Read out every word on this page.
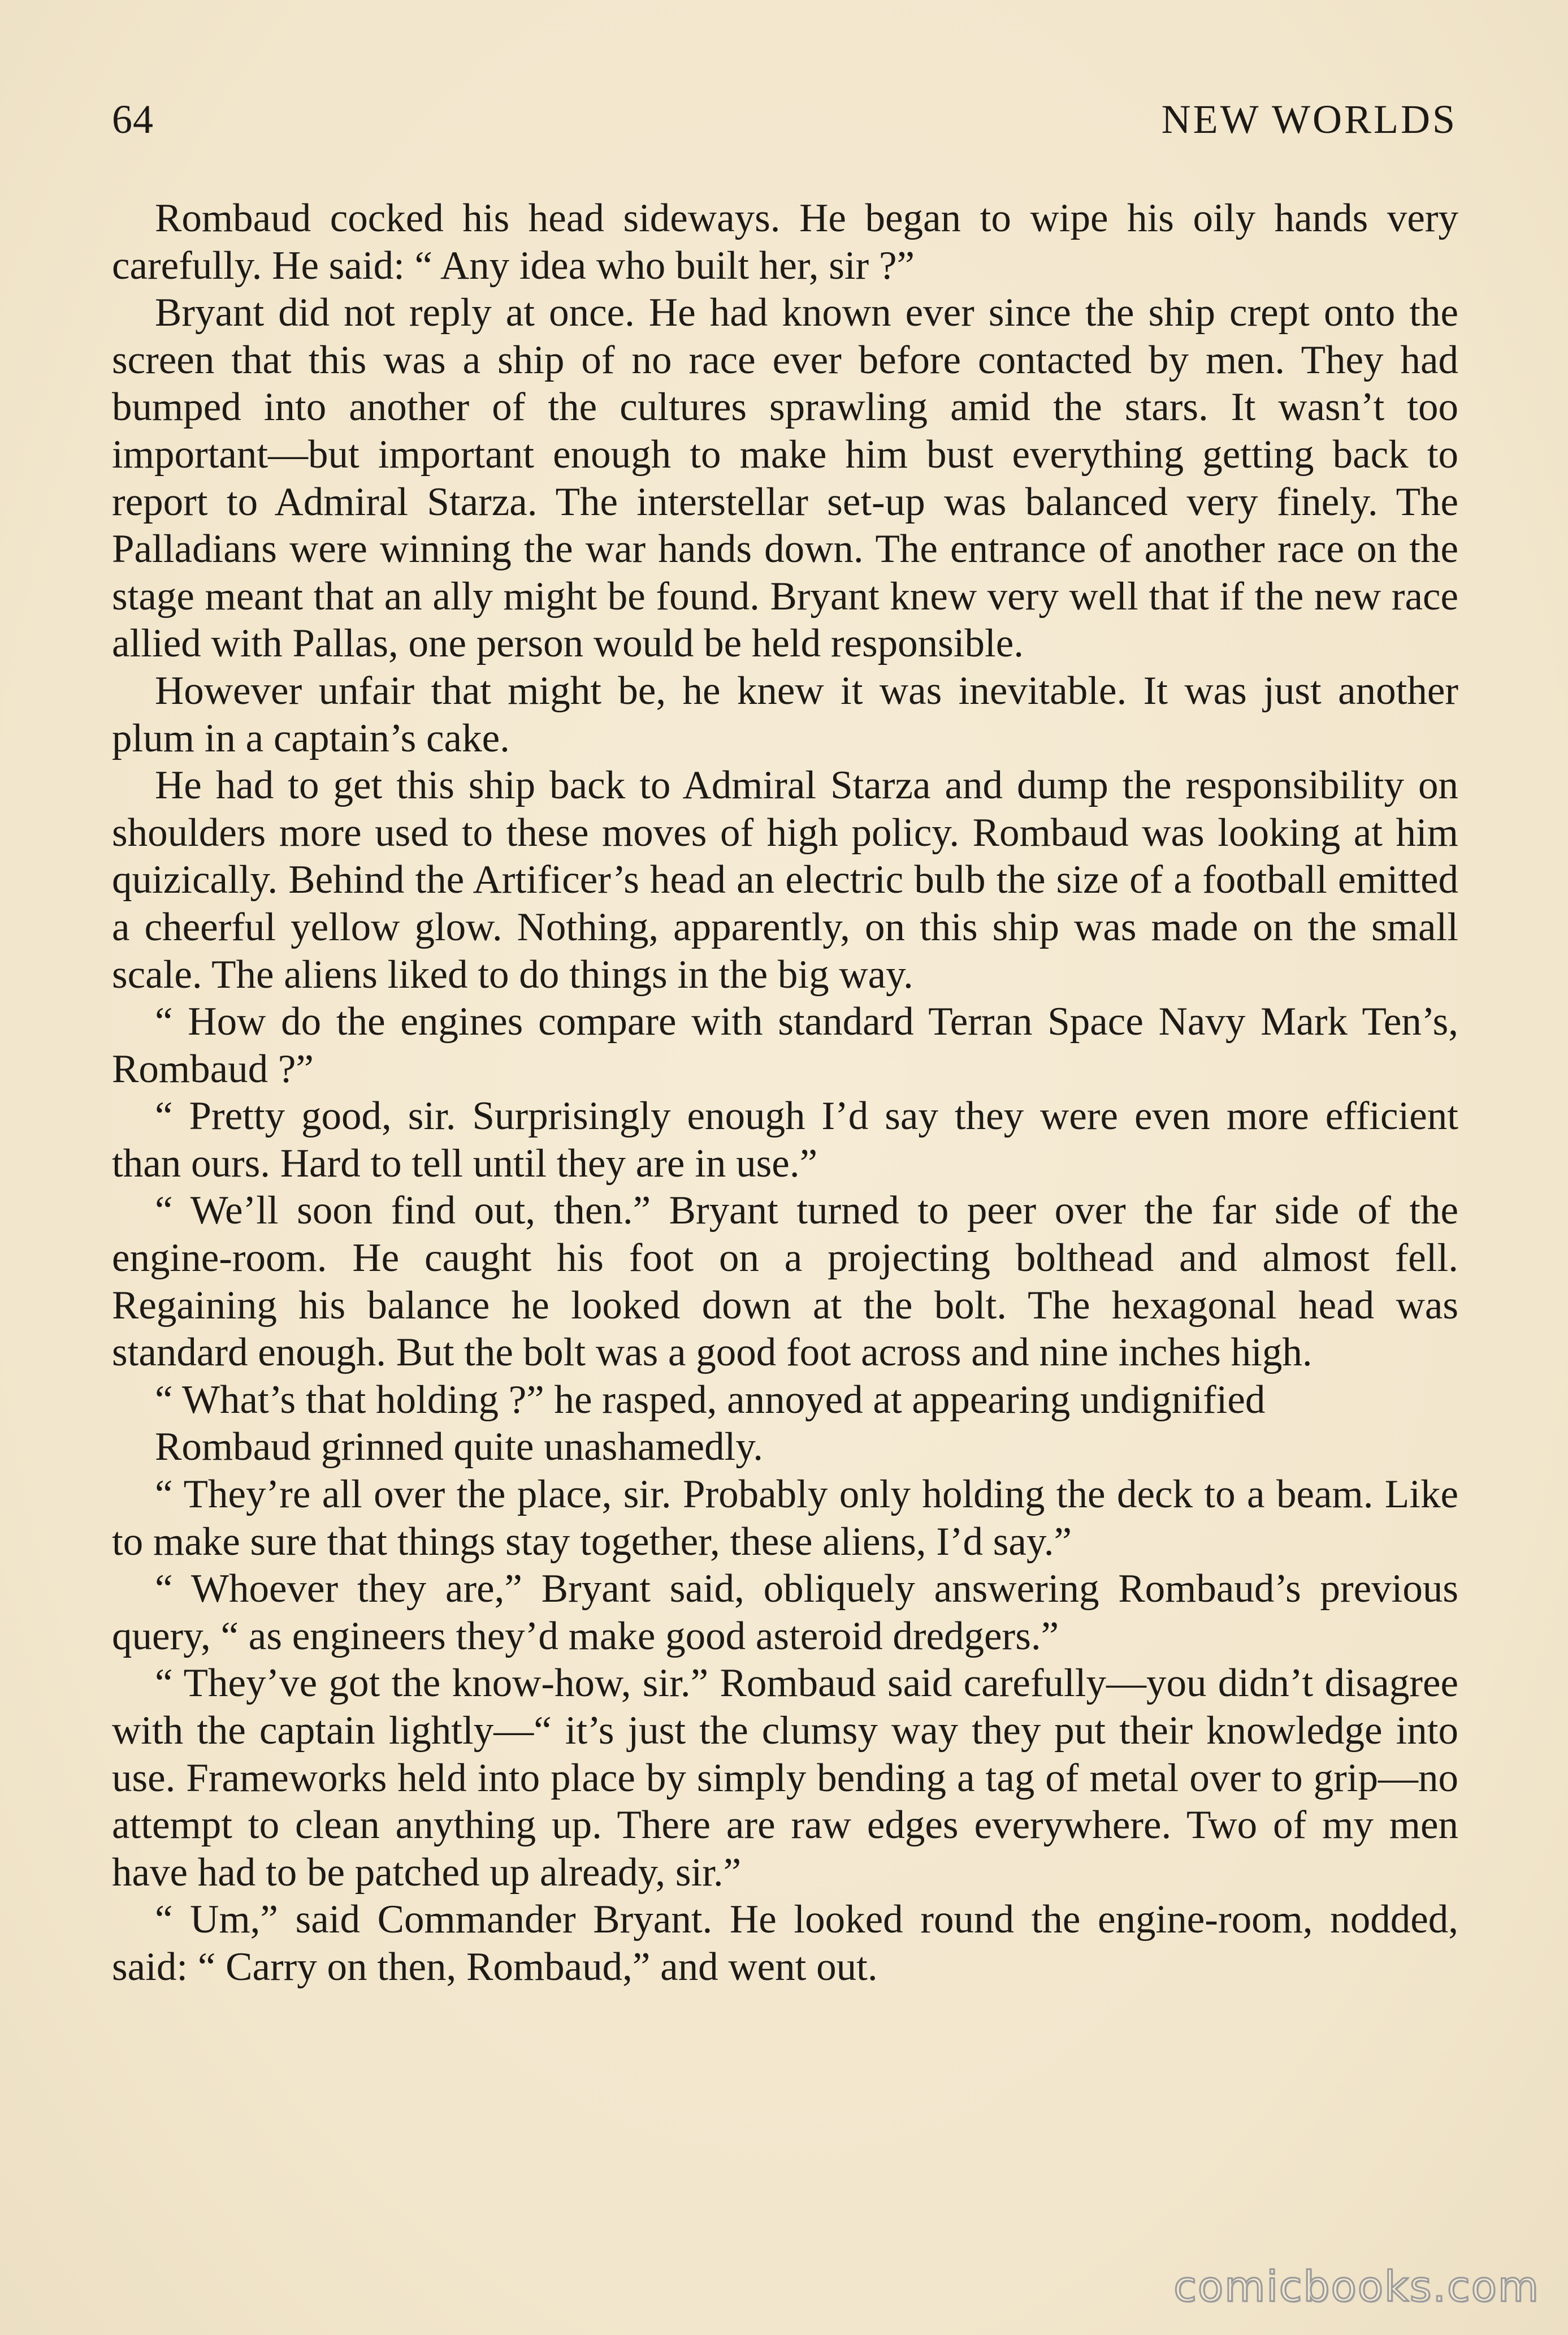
64	NEW WORLDS

Rombaud cocked his head sideways. He began to wipe his oily hands very carefully. He said: “ Any idea who built her, sir ?”

Bryant did not reply at once. He had known ever since the ship crept onto the screen that this was a ship of no race ever before contacted by men. They had bumped into another of the cultures sprawling amid the stars. It wasn’t too important—but important enough to make him bust everything getting back to report to Admiral Starza. The interstellar set-up was balanced very finely. The Palladians were winning the war hands down. The entrance of another race on the stage meant that an ally might be found. Bryant knew very well that if the new race allied with Pallas, one person would be held responsible.

However unfair that might be, he knew it was inevitable. It was just another plum in a captain’s cake.

He had to get this ship back to Admiral Starza and dump the responsibility on shoulders more used to these moves of high policy. Rombaud was looking at him quizically. Behind the Artificer’s head an electric bulb the size of a football emitted a cheerful yellow glow. Nothing, apparently, on this ship was made on the small scale. The aliens liked to do things in the big way.

“ How do the engines compare with standard Terran Space Navy Mark Ten’s, Rombaud ?”

“ Pretty good, sir. Surprisingly enough I’d say they were even more efficient than ours. Hard to tell until they are in use.”

“ We’ll soon find out, then.” Bryant turned to peer over the far side of the engine-room. He caught his foot on a projecting bolthead and almost fell. Regaining his balance he looked down at the bolt. The hexagonal head was standard enough. But the bolt was a good foot across and nine inches high.

“ What’s that holding ?” he rasped, annoyed at appearing undignified

Rombaud grinned quite unashamedly.

“ They’re all over the place, sir. Probably only holding the deck to a beam. Like to make sure that things stay together, these aliens, I’d say.”

“ Whoever they are,” Bryant said, obliquely answering Rombaud’s previous query, “ as engineers they’d make good asteroid dredgers.”

“ They’ve got the know-how, sir.” Rombaud said carefully—you didn’t disagree with the captain lightly—“ it’s just the clumsy way they put their knowledge into use. Frameworks held into place by simply bending a tag of metal over to grip—no attempt to clean anything up. There are raw edges everywhere. Two of my men have had to be patched up already, sir.”

“ Um,” said Commander Bryant. He looked round the engine-room, nodded, said: “ Carry on then, Rombaud,” and went out.

comicbooks.com
